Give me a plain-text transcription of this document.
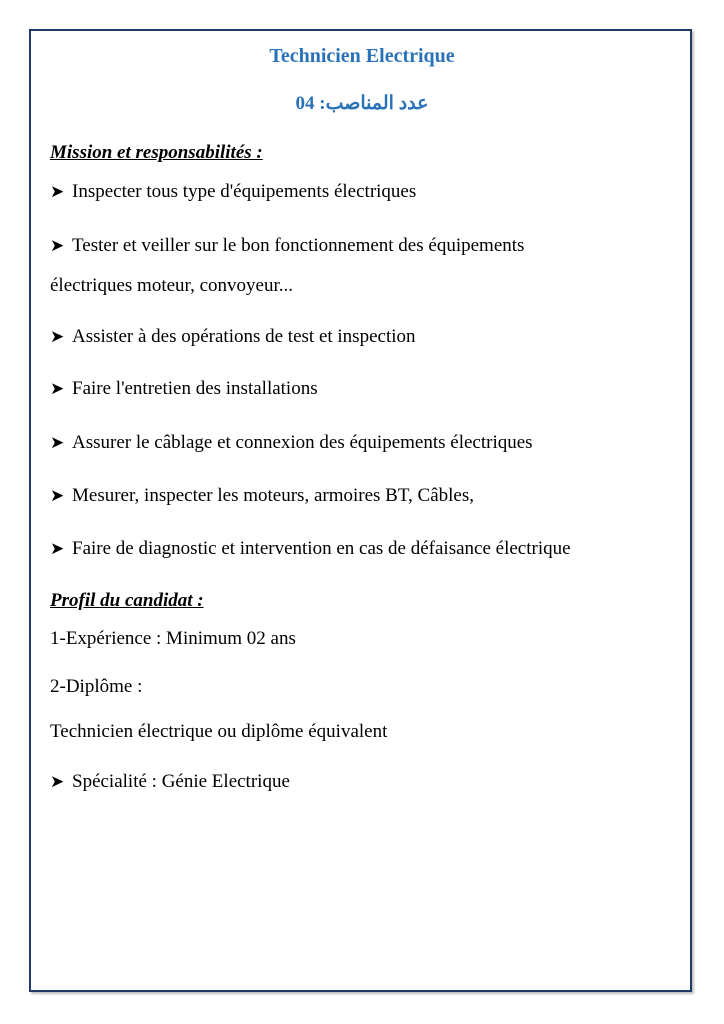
Technicien Electrique
عدد المناصب: 04
Mission et responsabilités :
➤ Inspecter tous type d'équipements électriques
➤ Tester et veiller sur le bon fonctionnement des équipements
électriques moteur, convoyeur...
➤ Assister à des opérations de test et inspection
➤ Faire l'entretien des installations
➤ Assurer le câblage et connexion des équipements électriques
➤ Mesurer, inspecter les moteurs, armoires BT, Câbles,
➤ Faire de diagnostic et intervention en cas de défaisance électrique
Profil du candidat :
1-Expérience : Minimum 02 ans
2-Diplôme :
Technicien électrique ou diplôme équivalent
➤ Spécialité : Génie Electrique
